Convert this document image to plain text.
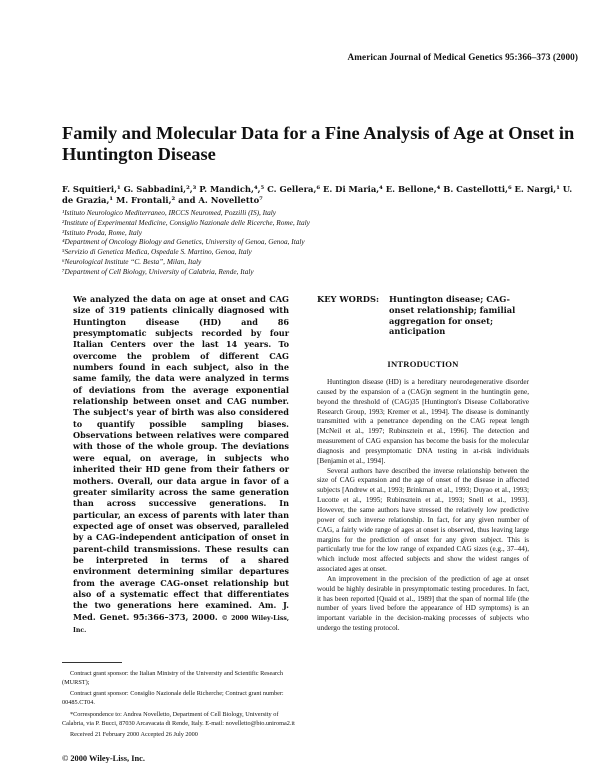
American Journal of Medical Genetics 95:366–373 (2000)
Family and Molecular Data for a Fine Analysis of Age at Onset in Huntington Disease
F. Squitieri,¹ G. Sabbadini,²,³ P. Mandich,⁴,⁵ C. Gellera,⁶ E. Di Maria,⁴ E. Bellone,⁴ B. Castellotti,⁶ E. Nargi,¹ U. de Grazia,¹ M. Frontali,² and A. Novelletto⁷
¹Istituto Neurologico Mediterraneo, IRCCS Neuromed, Pozzilli (IS), Italy
²Institute of Experimental Medicine, Consiglio Nazionale delle Ricerche, Rome, Italy
³Istituto Proda, Rome, Italy
⁴Department of Oncology Biology and Genetics, University of Genoa, Genoa, Italy
⁵Servizio di Genetica Medica, Ospedale S. Martino, Genoa, Italy
⁶Neurological Institute “C. Besta”, Milan, Italy
⁷Department of Cell Biology, University of Calabria, Rende, Italy
We analyzed the data on age at onset and CAG size of 319 patients clinically diagnosed with Huntington disease (HD) and 86 presymptomatic subjects recorded by four Italian Centers over the last 14 years. To overcome the problem of different CAG numbers found in each subject, also in the same family, the data were analyzed in terms of deviations from the average exponential relationship between onset and CAG number. The subject's year of birth was also considered to quantify possible sampling biases. Observations between relatives were compared with those of the whole group. The deviations were equal, on average, in subjects who inherited their HD gene from their fathers or mothers. Overall, our data argue in favor of a greater similarity across the same generation than across successive generations. In particular, an excess of parents with later than expected age of onset was observed, paralleled by a CAG-independent anticipation of onset in parent-child transmissions. These results can be interpreted in terms of a shared environment determining similar departures from the average CAG-onset relationship but also of a systematic effect that differentiates the two generations here examined. Am. J. Med. Genet. 95:366–373, 2000. © 2000 Wiley-Liss, Inc.

Contract grant sponsor: the Italian Ministry of the University and Scientific Research (MURST);

Contract grant sponsor: Consiglio Nazionale delle Richerche; Contract grant number: 00485.CT04.

*Correspondence to: Andrea Novelletto, Department of Cell Biology, University of Calabria, via P. Bucci, 87030 Arcavacata di Rende, Italy. E-mail: novelletto@bio.uniroma2.it

Received 21 February 2000 Accepted 26 July 2000

© 2000 Wiley-Liss, Inc.
KEY WORDS:	Huntington disease; CAG-onset relationship; familial aggregation for onset; anticipation
INTRODUCTION

Huntington disease (HD) is a hereditary neurodegenerative disorder caused by the expansion of a (CAG)n segment in the huntingtin gene, beyond the threshold of (CAG)35 [Huntington's Disease Collaborative Research Group, 1993; Kremer et al., 1994]. The disease is dominantly transmitted with a penetrance depending on the CAG repeat length [McNeil et al., 1997; Rubinsztein et al., 1996]. The detection and measurement of CAG expansion has become the basis for the molecular diagnosis and presymptomatic DNA testing in at-risk individuals [Benjamin et al., 1994].

Several authors have described the inverse relationship between the size of CAG expansion and the age of onset of the disease in affected subjects [Andrew et al., 1993; Brinkman et al., 1993; Duyao et al., 1993; Lucotte et al., 1995; Rubinsztein et al., 1993; Snell et al., 1993]. However, the same authors have stressed the relatively low predictive power of such inverse relationship. In fact, for any given number of CAG, a fairly wide range of ages at onset is observed, thus leaving large margins for the prediction of onset for any given subject. This is particularly true for the low range of expanded CAG sizes (e.g., 37–44), which include most affected subjects and show the widest ranges of associated ages at onset.

An improvement in the precision of the prediction of age at onset would be highly desirable in presymptomatic testing procedures. In fact, it has been reported [Quaid et al., 1989] that the span of normal life (the number of years lived before the appearance of HD symptoms) is an important variable in the decision-making processes of subjects who undergo the testing protocol.
